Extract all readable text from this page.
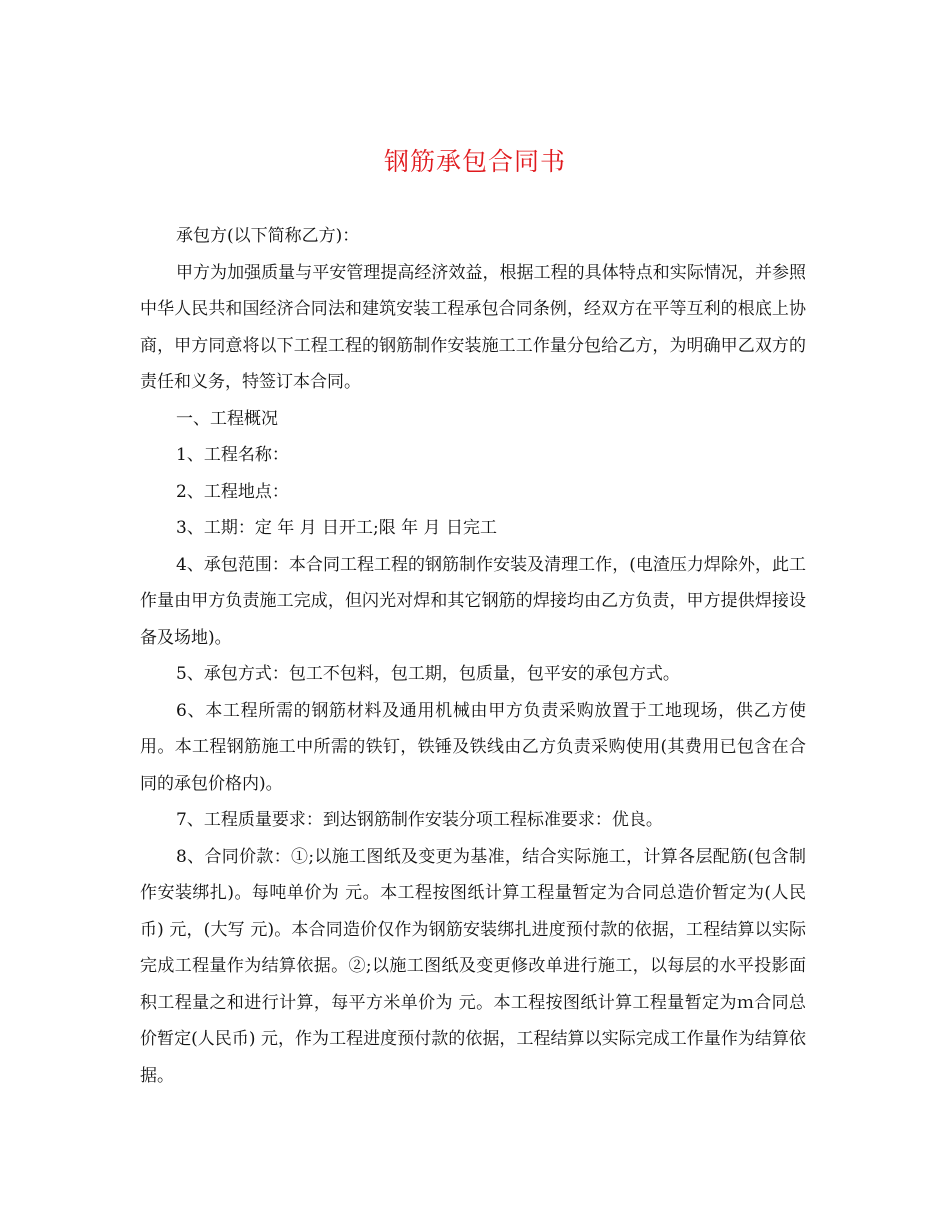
钢筋承包合同书

承包方(以下简称乙方)：

甲方为加强质量与平安管理提高经济效益，根据工程的具体特点和实际情况，并参照中华人民共和国经济合同法和建筑安装工程承包合同条例，经双方在平等互利的根底上协商，甲方同意将以下工程工程的钢筋制作安装施工工作量分包给乙方，为明确甲乙双方的责任和义务，特签订本合同。

一、工程概况

1、工程名称：

2、工程地点：

3、工期：定 年 月 日开工;限 年 月 日完工

4、承包范围：本合同工程工程的钢筋制作安装及清理工作，(电渣压力焊除外，此工作量由甲方负责施工完成，但闪光对焊和其它钢筋的焊接均由乙方负责，甲方提供焊接设备及场地)。

5、承包方式：包工不包料，包工期，包质量，包平安的承包方式。

6、本工程所需的钢筋材料及通用机械由甲方负责采购放置于工地现场，供乙方使用。本工程钢筋施工中所需的铁钉，铁锤及铁线由乙方负责采购使用(其费用已包含在合同的承包价格内)。

7、工程质量要求：到达钢筋制作安装分项工程标准要求：优良。

8、合同价款：①;以施工图纸及变更为基准，结合实际施工，计算各层配筋(包含制作安装绑扎)。每吨单价为 元。本工程按图纸计算工程量暂定为合同总造价暂定为(人民币) 元，(大写 元)。本合同造价仅作为钢筋安装绑扎进度预付款的依据，工程结算以实际完成工程量作为结算依据。②;以施工图纸及变更修改单进行施工，以每层的水平投影面积工程量之和进行计算，每平方米单价为 元。本工程按图纸计算工程量暂定为ｍ合同总价暂定(人民币) 元，作为工程进度预付款的依据，工程结算以实际完成工作量作为结算依据。
